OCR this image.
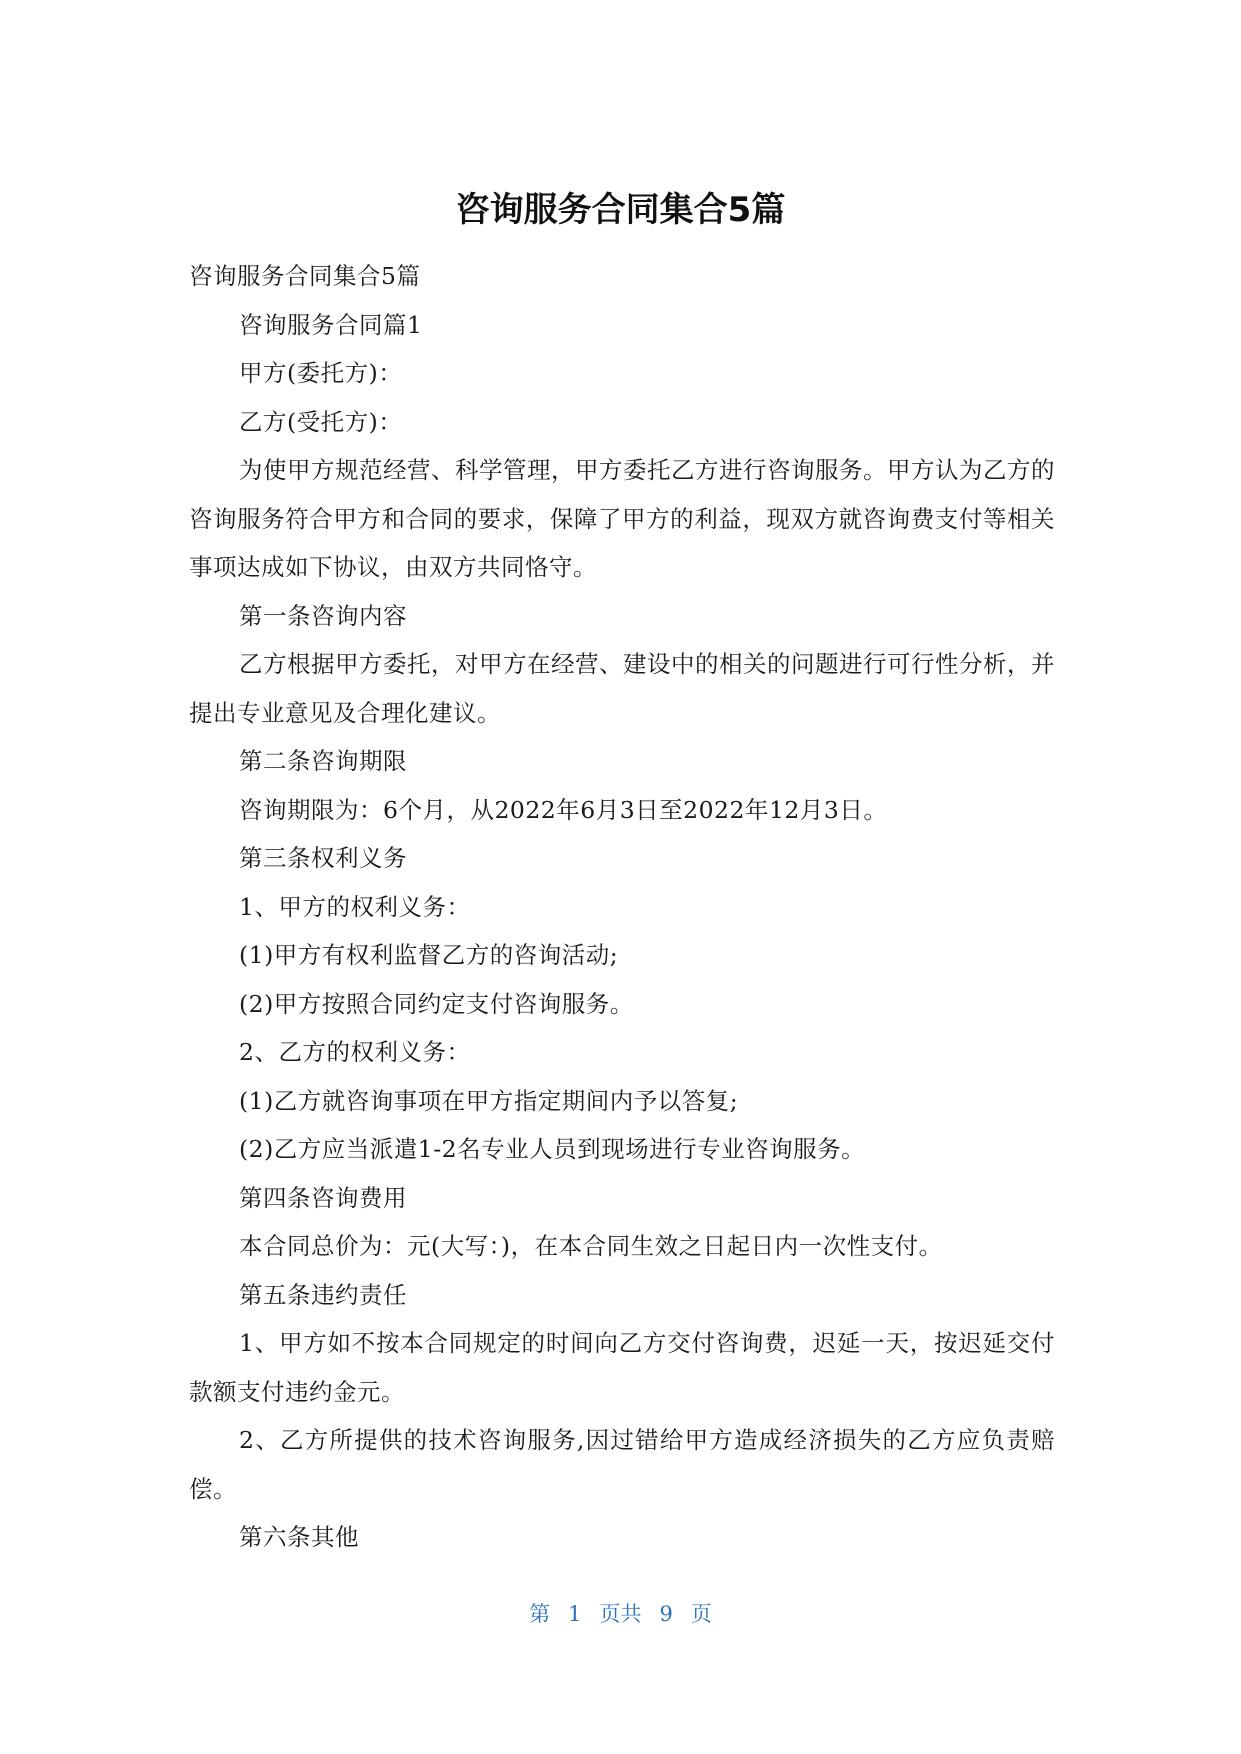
咨询服务合同集合5篇

咨询服务合同集合5篇

咨询服务合同篇1

甲方(委托方)：

乙方(受托方)：

为使甲方规范经营、科学管理，甲方委托乙方进行咨询服务。甲方认为乙方的咨询服务符合甲方和合同的要求，保障了甲方的利益，现双方就咨询费支付等相关事项达成如下协议，由双方共同恪守。

第一条咨询内容

乙方根据甲方委托，对甲方在经营、建设中的相关的问题进行可行性分析，并提出专业意见及合理化建议。

第二条咨询期限

咨询期限为：6个月，从2022年6月3日至2022年12月3日。

第三条权利义务

1、甲方的权利义务：

(1)甲方有权利监督乙方的咨询活动;

(2)甲方按照合同约定支付咨询服务。

2、乙方的权利义务：

(1)乙方就咨询事项在甲方指定期间内予以答复;

(2)乙方应当派遣1-2名专业人员到现场进行专业咨询服务。

第四条咨询费用

本合同总价为：元(大写：)，在本合同生效之日起日内一次性支付。

第五条违约责任

1、甲方如不按本合同规定的时间向乙方交付咨询费，迟延一天，按迟延交付款额支付违约金元。

2、乙方所提供的技术咨询服务,因过错给甲方造成经济损失的乙方应负责赔偿。

第六条其他

第 1 页共 9 页
